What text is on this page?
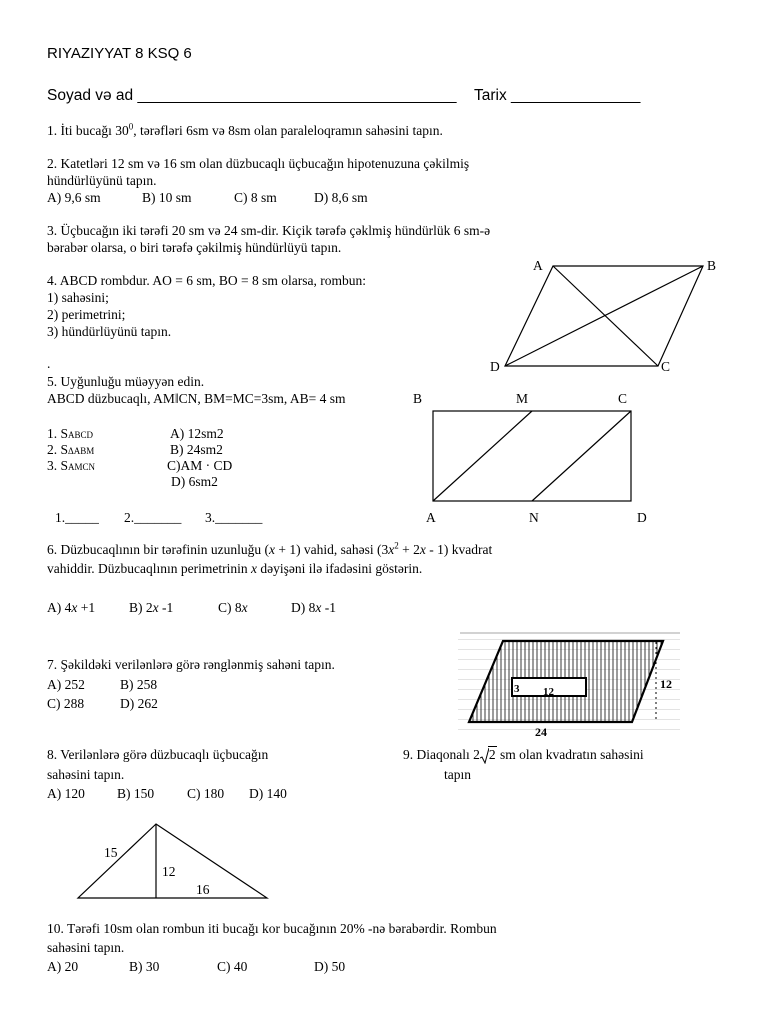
RIYAZIYYAT 8 KSQ 6
Soyad və ad _____________________________________ Tarix _______________
1. İti bucağı $30^0$, tərəfləri 6sm və 8sm olan paraleloqramın sahəsini tapın.
2. Katetləri 12 sm və 16 sm olan düzbucaqlı üçbucağın hipotenuzuna çəkilmiş
hündürlüyünü tapın.
A) 9,6 sm	B) 10 sm	C) 8 sm	D) 8,6 sm
3. Üçbucağın iki tərəfi 20 sm və 24 sm-dir. Kiçik tərəfə çəklmiş hündürlük 6 sm-ə
bərabər olarsa, o biri tərəfə çəkilmiş hündürlüyü tapın.
4. ABCD rombdur. AO = 6 sm, BO = 8 sm olarsa, rombun:
1) sahəsini;
2) perimetrini;
3) hündürlüyünü tapın.
.
A	B
C
D
5. Uyğunluğu müəyyən edin.
ABCD düzbucaqlı, AM‖CN, BM=MC=3sm, AB= 4 sm
1. SABCD
2. SΔABM
3. SAMCN
A) 12sm2
B) 24sm2
C)AM · CD
D) 6sm2
1._____ 2._______ 3._______
B	M	C
A	N	D
6. Düzbucaqlının bir tərəfinin uzunluğu (x + 1) vahid, sahəsi $(3x^2 + 2x - 1)$ kvadrat
vahiddir. Düzbucaqlının perimetrinin x dəyişəni ilə ifadəsini göstərin.
A) 4x +1	B) 2x -1	C) 8x	D) 8x -1
7. Şəkildəki verilənlərə görə rənglənmiş sahəni tapın.
A) 252	B) 258
C) 288	D) 262
3 12
12
24
8. Verilənlərə görə düzbucaqlı üçbucağın
sahəsini tapın.
A) 120 B) 150 C) 180 D) 140
15
12
16
9. Diaqonalı 2 2 sm olan kvadratın sahəsini
tapın
10. Tərəfi 10sm olan rombun iti bucağı kor bucağının 20% -nə bərabərdir. Rombun
sahəsini tapın.
A) 20	B) 30	C) 40	D) 50
